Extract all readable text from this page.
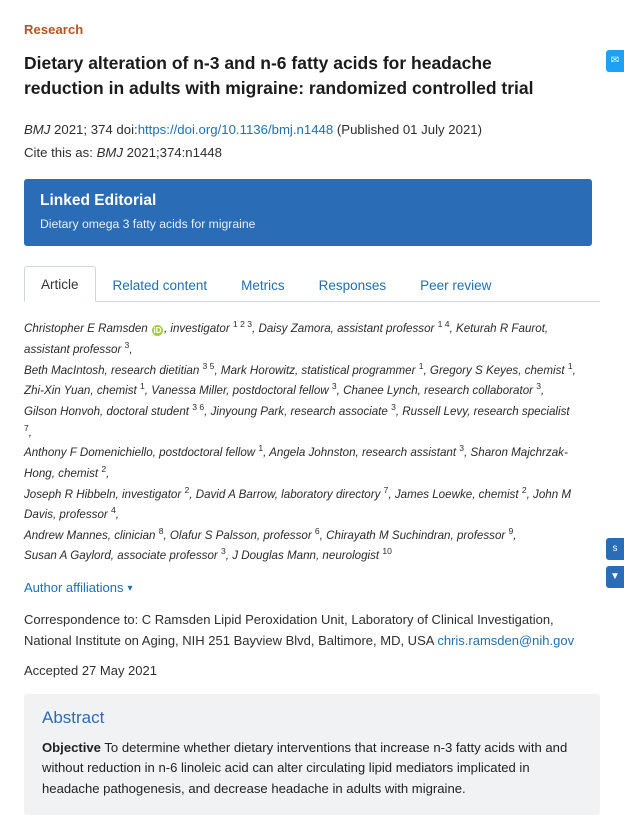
Research
Dietary alteration of n-3 and n-6 fatty acids for headache reduction in adults with migraine: randomized controlled trial
BMJ 2021; 374 doi:https://doi.org/10.1136/bmj.n1448 (Published 01 July 2021)
Cite this as: BMJ 2021;374:n1448
Linked Editorial
Dietary omega 3 fatty acids for migraine
Article	Related content	Metrics	Responses	Peer review
Christopher E Ramsden iD , investigator $^{1 2 3}$, Daisy Zamora, assistant professor $^{1 4}$, Keturah R Faurot, assistant professor $^3$,
Beth MacIntosh, research dietitian $^{3 5}$, Mark Horowitz, statistical programmer $^1$, Gregory S Keyes, chemist $^1$,
Zhi-Xin Yuan, chemist $^1$, Vanessa Miller, postdoctoral fellow $^3$, Chanee Lynch, research collaborator $^3$,
Gilson Honvoh, doctoral student $^{3 6}$, Jinyoung Park, research associate $^3$, Russell Levy, research specialist $^7$,
Anthony F Domenichiello, postdoctoral fellow $^1$, Angela Johnston, research assistant $^3$, Sharon Majchrzak-Hong, chemist $^2$,
Joseph R Hibbeln, investigator $^2$, David A Barrow, laboratory directory $^7$, James Loewke, chemist $^2$, John M Davis, professor $^4$,
Andrew Mannes, clinician $^8$, Olafur S Palsson, professor $^6$, Chirayath M Suchindran, professor $^9$,
Susan A Gaylord, associate professor $^3$, J Douglas Mann, neurologist $^{10}$
Author affiliations ▾
Correspondence to: C Ramsden Lipid Peroxidation Unit, Laboratory of Clinical Investigation, National Institute on Aging, NIH 251 Bayview Blvd, Baltimore, MD, USA chris.ramsden@nih.gov
Accepted 27 May 2021
Abstract

Objective To determine whether dietary interventions that increase n-3 fatty acids with and without reduction in n-6 linoleic acid can alter circulating lipid mediators implicated in headache pathogenesis, and decrease headache in adults with migraine.

✉
s
▼
